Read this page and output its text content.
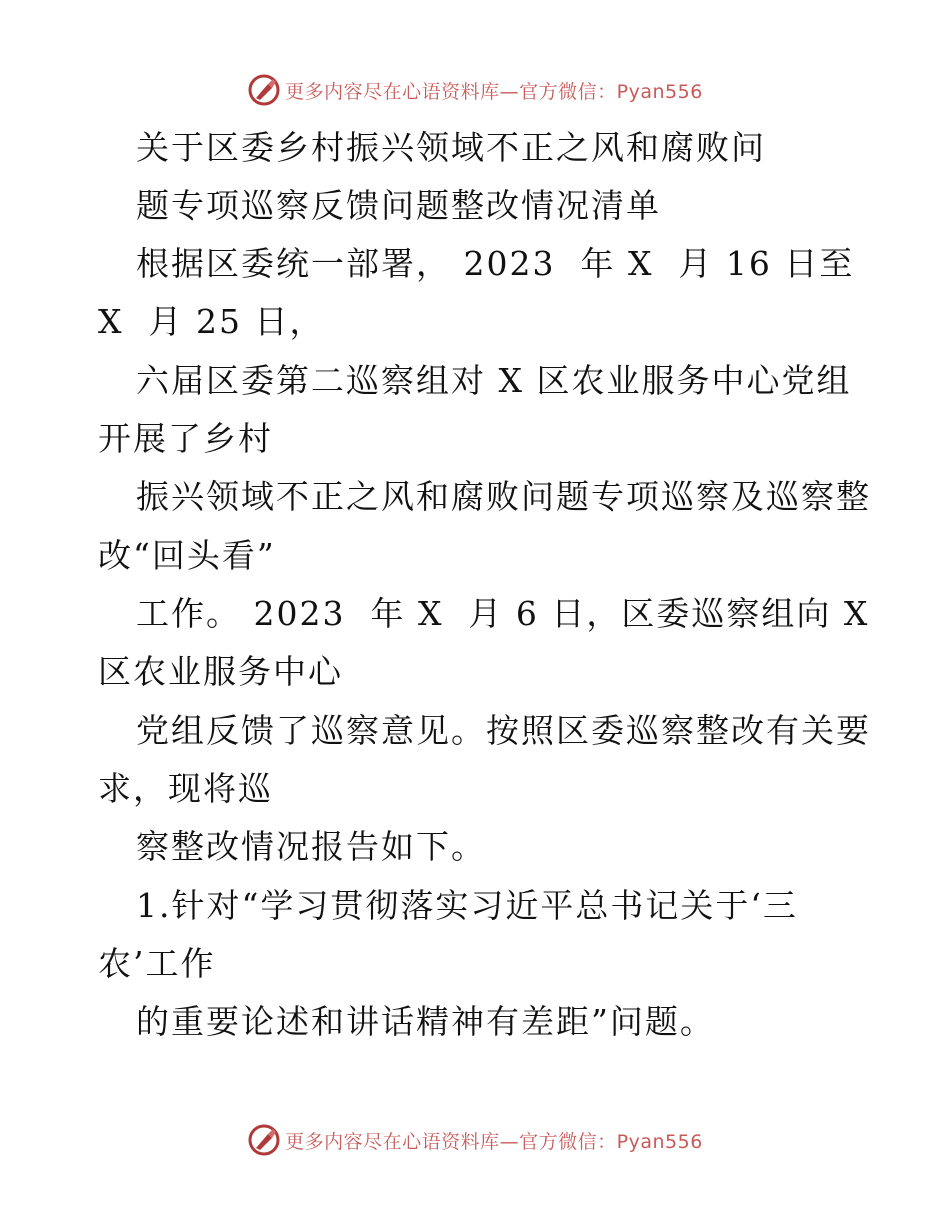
更多内容尽在心语资料库—官方微信：Pyan556
关于区委乡村振兴领域不正之风和腐败问
题专项巡察反馈问题整改情况清单
根据区委统一部署， 2023  年 X  月 16 日至
X  月 25 日，
六届区委第二巡察组对 X 区农业服务中心党组
开展了乡村
振兴领域不正之风和腐败问题专项巡察及巡察整
改“回头看”
工作。 2023  年 X  月 6 日，区委巡察组向 X
区农业服务中心
党组反馈了巡察意见。按照区委巡察整改有关要
求，现将巡
察整改情况报告如下。
1.针对“学习贯彻落实习近平总书记关于‘三
农’工作
的重要论述和讲话精神有差距”问题。
更多内容尽在心语资料库—官方微信：Pyan556
